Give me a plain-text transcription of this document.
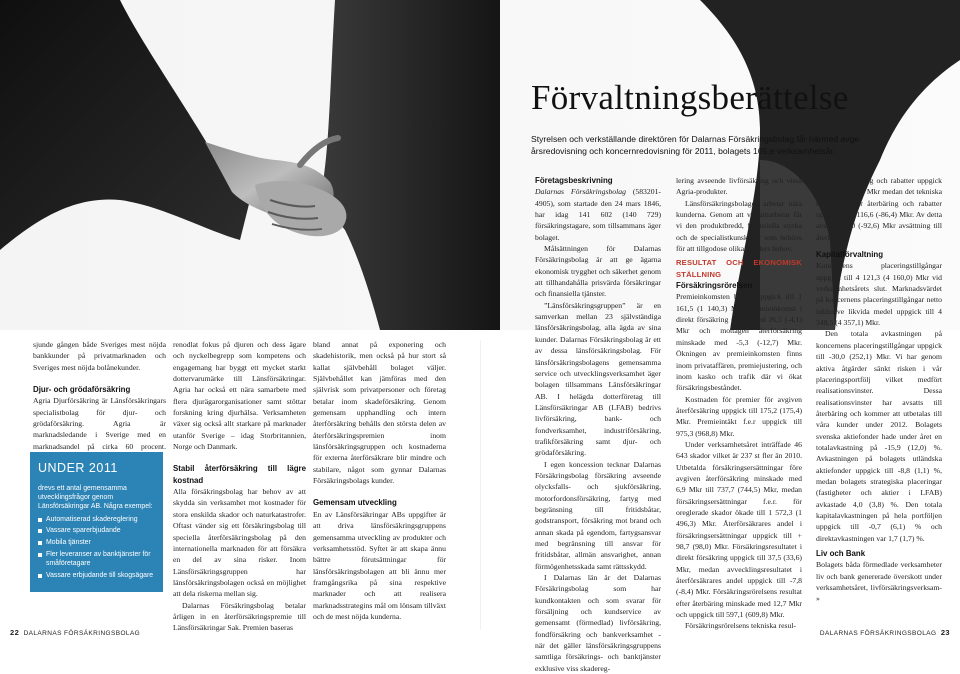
Förvaltningsberättelse
Styrelsen och verkställande direktören för Dalarnas Försäkringsbolag får härmed avge årsredovisning och koncernredovisning för 2011, bolagets 165:e verksamhetsår.

sjunde gången både Sveriges mest nöjda bankkunder på privatmarknaden och Sveriges mest nöjda bolånekunder.

Djur- och grödaförsäkring

Agria Djurförsäkring är Länsförsäkringars specialistbolag för djur- och grödaförsäkring. Agria är marknadsledande i Sverige med en marknadsandel på cirka 60 procent.

UNDER 2011

drevs ett antal gemensamma utvecklingsfrågor genom Länsförsäkringar AB. Några exempel:

Automatiserad skadereglering
Vassare sparerbjudande
Mobila tjänster
Fler leveranser av banktjänster för småföretagare
Vassare erbjudande till skogsägare

renodlat fokus på djuren och dess ägare och nyckelbegrepp som kompetens och engagemang har byggt ett mycket starkt dottervarumärke till Länsförsäkringar. Agria har också ett nära samarbete med flera djurägarorganisationer samt stöttar forskning kring djurhälsa. Verksamheten växer sig också allt starkare på marknader utanför Sverige – idag Storbritannien, Norge och Danmark.

Stabil återförsäkring till lägre kostnad

Alla försäkringsbolag har behov av att skydda sin verksamhet mot kostnader för stora enskilda skador och naturkatastrofer. Oftast vänder sig ett försäkringsbolag till speciella återförsäkringsbolag på den internationella marknaden för att försäkra en del av sina risker. Inom Länsförsäkringsgruppen har länsförsäkringsbolagen också en möjlighet att dela riskerna mellan sig.

Dalarnas Försäkringsbolag betalar årligen in en återförsäkringspremie till Länsförsäkringar Sak. Premien baseras

bland annat på exponering och skadehistorik, men också på hur stort så kallat självbehåll bolaget väljer. Självbehållet kan jämföras med den självrisk som privatpersoner och företag betalar inom skadeförsäkring. Genom gemensam upphandling och intern återförsäkring behålls den största delen av återförsäkringspremien inom länsförsäkringsgruppen och kostnaderna för externa återförsäkrare blir mindre och stabilare, något som gynnar Dalarnas Försäkringsbolags kunder.

Gemensam utveckling

En av Länsförsäkringar ABs uppgifter är att driva länsförsäkringsgruppens gemensamma utveckling av produkter och verksamhetsstöd. Syftet är att skapa ännu bättre förutsättningar för länsförsäkringsbolagen att bli ännu mer framgångsrika på sina respektive marknader och att realisera marknadsstrategins mål om lönsam tillväxt och de mest nöjda kunderna.

Företagsbeskrivning

Dalarnas Försäkringsbolag (583201-4905), som startade den 24 mars 1846, har idag 141 602 (140 729) försäkringstagare, som tillsammans äger bolaget.

Målsättningen för Dalarnas Försäkringsbolag är att ge ägarna ekonomisk trygghet och säkerhet genom att tillhandahålla prisvärda försäkringar och finansiella tjänster.

”Länsförsäkringsgruppen” är en samverkan mellan 23 självständiga länsförsäkringsbolag, alla ägda av sina kunder. Dalarnas Försäkringsbolag är ett av dessa länsförsäkringsbolag. För länsförsäkringsbolagens gemensamma service och utvecklingsverksamhet äger bolagen tillsammans Länsförsäkringar AB. I helägda dotterföretag till Länsförsäkringar AB (LFAB) bedrivs livförsäkring, bank- och fondverksamhet, industriförsäkring, trafikförsäkring samt djur- och grödaförsäkring.

I egen koncession tecknar Dalarnas Försäkringsbolag försäkring avseende olycksfalls- och sjukförsäkring, motorfordonsförsäkring, fartyg med begränsning till fritidsbåtar, godstransport, försäkring mot brand och annan skada på egendom, fartygsansvar med begränsning till ansvar för fritidsbåtar, allmän ansvarighet, annan förmögenhetsskada samt rättsskydd.

I Dalarnas län är det Dalarnas Försäkringsbolag som har kundkontakten och som svarar för försäljning och kundservice av gemensamt (förmedlad) livförsäkring, fondförsäkring och bankverksamhet - när det gäller länsförsäkringsgruppens samtliga försäkrings- och banktjänster exklusive viss skadereg-

lering avseende livförsäkring och vissa Agria-produkter.

Länsförsäkringsbolagen arbetar nära kunderna. Genom att vi samarbetar får vi den produktbredd, finansiella styrka och de specialistkunskaper som behövs för att tillgodose olika kunders behov.

RESULTAT OCH EKONOMISK STÄLLNING
Försäkringsrörelsen

Premieinkomsten brutto uppgick till 1 161,5 (1 140,3) Mkr. Premieinkomst i direkt försäkring ökade med 26,5 (-4,1) Mkr och mottagen återförsäkring minskade med -5,3 (-12,7) Mkr. Ökningen av premieinkomsten finns inom privataffären, premiejustering, och inom kasko och trafik där vi ökat försäkringsbeståndet.

Kostnaden för premier för avgiven återförsäkring uppgick till 175,2 (175,4) Mkr. Premieintäkt f.e.r uppgick till 975,3 (968,8) Mkr.

Under verksamhetsåret inträffade 46 643 skador vilket är 237 st fler än 2010. Utbetalda försäkringsersättningar före avgiven återförsäkring minskade med 6,9 Mkr till 737,7 (744,5) Mkr, medan försäkringsersättningar f.e.r. för oreglerade skador ökade till 1 572,3 (1 496,3) Mkr. Återförsäkrares andel i försäkringsersättningar uppgick till + 98,7 (98,0) Mkr. Försäkringsresultatet i direkt försäkring uppgick till 37,5 (33,6) Mkr, medan avvecklingsresultatet i återförsäkrares andel uppgick till -7,8 (-8,4) Mkr. Försäkringsrörelsens resultat efter återbäring minskade med 12,7 Mkr och uppgick till 597,1 (609,8) Mkr.

Försäkringsrörelsens tekniska resul-

tat före återbäring och rabatter uppgick till 149,0 (91,6) Mkr medan det tekniska resultatet efter återbäring och rabatter uppgick till -116,6 (-86,4) Mkr. Av detta avser -177,0 (-92,6) Mkr avsättning till återbäring.

Kapitalförvaltning

Koncernens placeringstillgångar uppgick till 4 121,3 (4 160,0) Mkr vid verksamhetsårets slut. Marknadsvärdet på koncernens placeringstillgångar netto inklusive likvida medel uppgick till 4 348,5 (4 357,1) Mkr.

Den totala avkastningen på koncernens placeringstillgångar uppgick till -30,0 (252,1) Mkr. Vi har genom aktiva åtgärder sänkt risken i vår placeringsportfölj vilket medfört realisationsvinster. Dessa realisationsvinster har avsatts till återbäring och kommer att utbetalas till våra kunder under 2012. Bolagets svenska aktiefonder hade under året en totalavkastning på -15,9 (12,0) %. Avkastningen på bolagets utländska aktiefonder uppgick till -8,8 (1,1) %, medan bolagets strategiska placeringar (fastigheter och aktier i LFAB) avkastade 4,0 (3,8) %. Den totala kapitalavkastningen på hela portföljen uppgick till -0,7 (6,1) % och direktavkastningen var 1,7 (1,7) %.

Liv och Bank

Bolagets båda förmedlade verksamheter liv och bank genererade överskott under verksamhetsåret, livförsäkringsverksam- »

22 DALARNAS FÖRSÄKRINGSBOLAG	DALARNAS FÖRSÄKRINGSBOLAG 23
